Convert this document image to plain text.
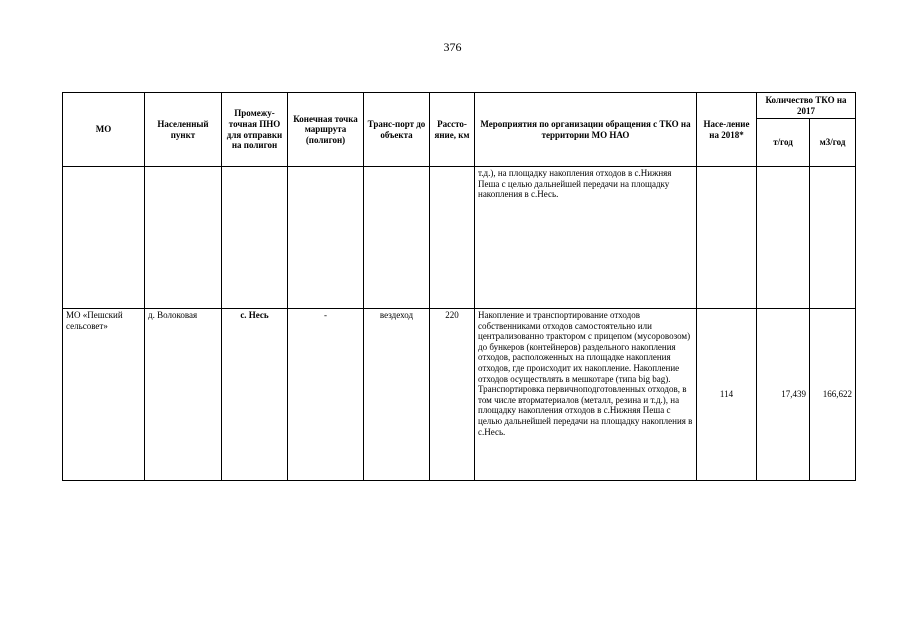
376
МО	Населенный пункт	Промежу-точная ПНО для отправки на полигон	Конечная точка маршрута (полигон)	Транс-порт до объекта	Рассто-яние, км	Мероприятия по организации обращения с ТКО на территории МО НАО	Насе-ление на 2018*	Количество ТКО на 2017	
								т/год	м3/год
						т.д.), на площадку накопления отходов в с.Нижняя Пеша с целью дальнейшей передачи на площадку накопления в с.Несь.			
МО «Пешский сельсовет»	д. Волоковая	с. Несь	-	вездеход	220	Накопление и транспортирование отходов собственниками отходов самостоятельно или централизованно трактором с прицепом (мусоровозом) до бункеров (контейнеров) раздельного накопления отходов, расположенных на площадке накопления отходов, где происходит их накопление. Накопление отходов осуществлять в мешкотаре (типа big bag). Транспортировка первичноподготовленных отходов, в том числе вторматериалов (металл, резина и т.д.), на площадку накопления отходов в с.Нижняя Пеша с целью дальнейшей передачи на площадку накопления в с.Несь.	114	17,439	166,622
